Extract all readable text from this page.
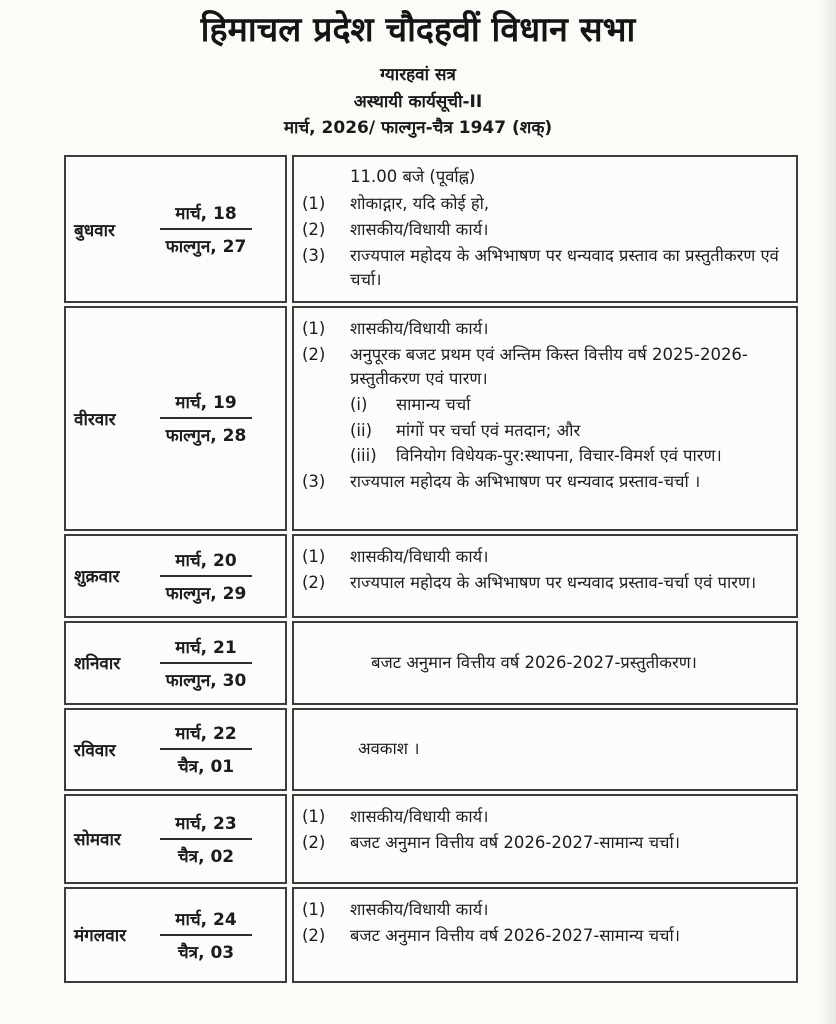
हिमाचल प्रदेश चौदहवीं विधान सभा
ग्यारहवां सत्र
अस्थायी कार्यसूची-II
मार्च, 2026/ फाल्गुन-चैत्र 1947 (शक्)
बुधवार	$\frac{\text{मार्च, 18}}{\text{फाल्गुन, 27}}$
11.00 बजे (पूर्वाह्न)
(1)	शोकाद्गार, यदि कोई हो,
(2)	शासकीय/विधायी कार्य।
(3)	राज्यपाल महोदय के अभिभाषण पर धन्यवाद प्रस्ताव का प्रस्तुतीकरण एवं चर्चा।
वीरवार	$\frac{\text{मार्च, 19}}{\text{फाल्गुन, 28}}$
(1)	शासकीय/विधायी कार्य।
(2)	अनुपूरक बजट प्रथम एवं अन्तिम किस्त वित्तीय वर्ष 2025-2026-प्रस्तुतीकरण एवं पारण।
(i)	सामान्य चर्चा
(ii)	मांगों पर चर्चा एवं मतदान; और
(iii)	विनियोग विधेयक-पुर:स्थापना, विचार-विमर्श एवं पारण।
(3)	राज्यपाल महोदय के अभिभाषण पर धन्यवाद प्रस्ताव-चर्चा ।
शुक्रवार	$\frac{\text{मार्च, 20}}{\text{फाल्गुन, 29}}$	(1)	शासकीय/विधायी कार्य।
(2)	राज्यपाल महोदय के अभिभाषण पर धन्यवाद प्रस्ताव-चर्चा एवं पारण।
शनिवार	$\frac{\text{मार्च, 21}}{\text{फाल्गुन, 30}}$	बजट अनुमान वित्तीय वर्ष 2026-2027-प्रस्तुतीकरण।
रविवार	$\frac{\text{मार्च, 22}}{\text{चैत्र, 01}}$	अवकाश ।
सोमवार	$\frac{\text{मार्च, 23}}{\text{चैत्र, 02}}$	(1)	शासकीय/विधायी कार्य।
(2)	बजट अनुमान वित्तीय वर्ष 2026-2027-सामान्य चर्चा।
मंगलवार	$\frac{\text{मार्च, 24}}{\text{चैत्र, 03}}$	(1)	शासकीय/विधायी कार्य।
(2)	बजट अनुमान वित्तीय वर्ष 2026-2027-सामान्य चर्चा।
